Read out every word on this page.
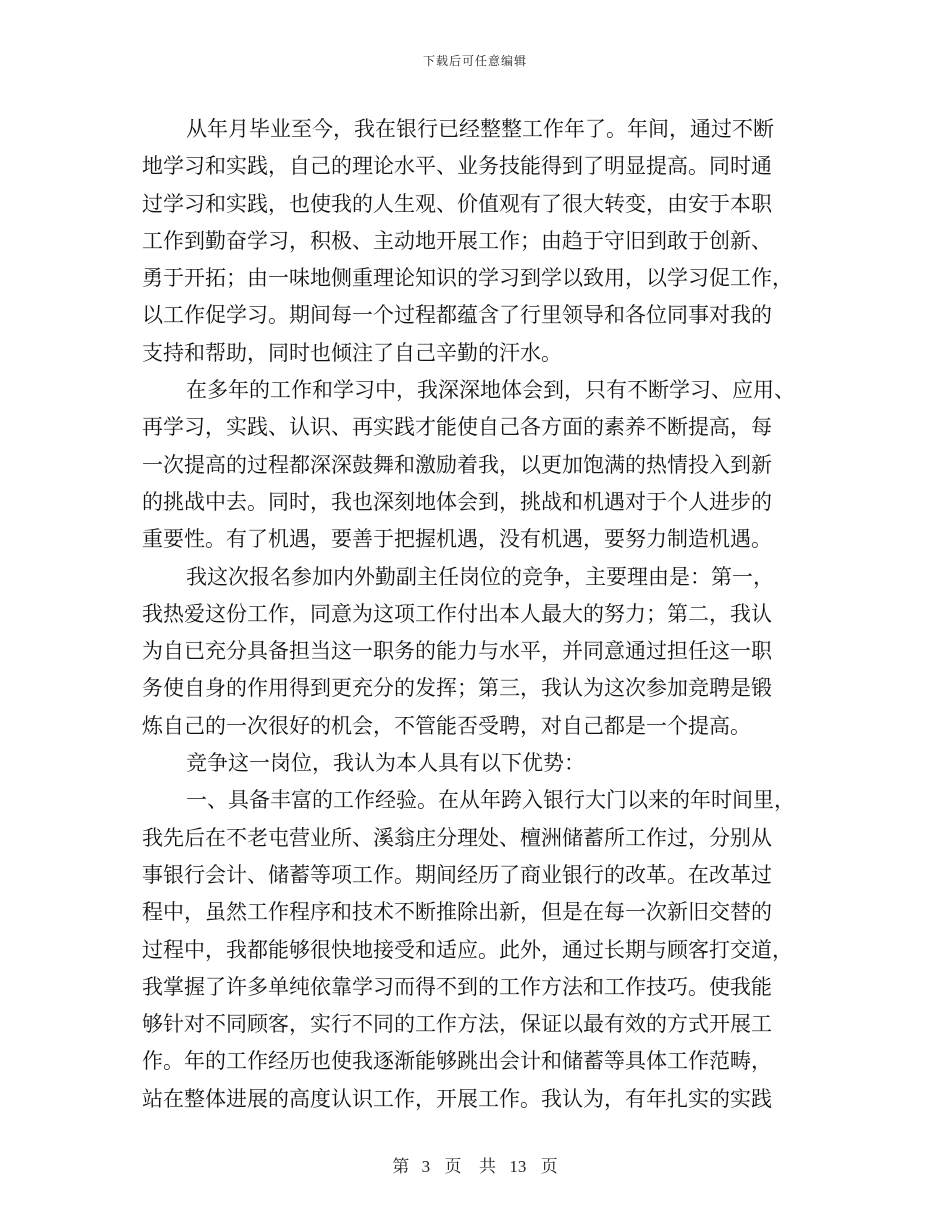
下载后可任意编辑
从年月毕业至今，我在银行已经整整工作年了。年间，通过不断
地学习和实践，自己的理论水平、业务技能得到了明显提高。同时通
过学习和实践，也使我的人生观、价值观有了很大转变，由安于本职
工作到勤奋学习，积极、主动地开展工作；由趋于守旧到敢于创新、
勇于开拓；由一味地侧重理论知识的学习到学以致用，以学习促工作，
以工作促学习。期间每一个过程都蕴含了行里领导和各位同事对我的
支持和帮助，同时也倾注了自己辛勤的汗水。
在多年的工作和学习中，我深深地体会到，只有不断学习、应用、
再学习，实践、认识、再实践才能使自己各方面的素养不断提高，每
一次提高的过程都深深鼓舞和激励着我，以更加饱满的热情投入到新
的挑战中去。同时，我也深刻地体会到，挑战和机遇对于个人进步的
重要性。有了机遇，要善于把握机遇，没有机遇，要努力制造机遇。
我这次报名参加内外勤副主任岗位的竞争，主要理由是：第一，
我热爱这份工作，同意为这项工作付出本人最大的努力；第二，我认
为自已充分具备担当这一职务的能力与水平，并同意通过担任这一职
务使自身的作用得到更充分的发挥；第三，我认为这次参加竞聘是锻
炼自己的一次很好的机会，不管能否受聘，对自己都是一个提高。
竞争这一岗位，我认为本人具有以下优势：
一、具备丰富的工作经验。在从年跨入银行大门以来的年时间里，
我先后在不老屯营业所、溪翁庄分理处、檀洲储蓄所工作过，分别从
事银行会计、储蓄等项工作。期间经历了商业银行的改革。在改革过
程中，虽然工作程序和技术不断推除出新，但是在每一次新旧交替的
过程中，我都能够很快地接受和适应。此外，通过长期与顾客打交道，
我掌握了许多单纯依靠学习而得不到的工作方法和工作技巧。使我能
够针对不同顾客，实行不同的工作方法，保证以最有效的方式开展工
作。年的工作经历也使我逐渐能够跳出会计和储蓄等具体工作范畴，
站在整体进展的高度认识工作，开展工作。我认为，有年扎实的实践
第 3 页 共 13 页
